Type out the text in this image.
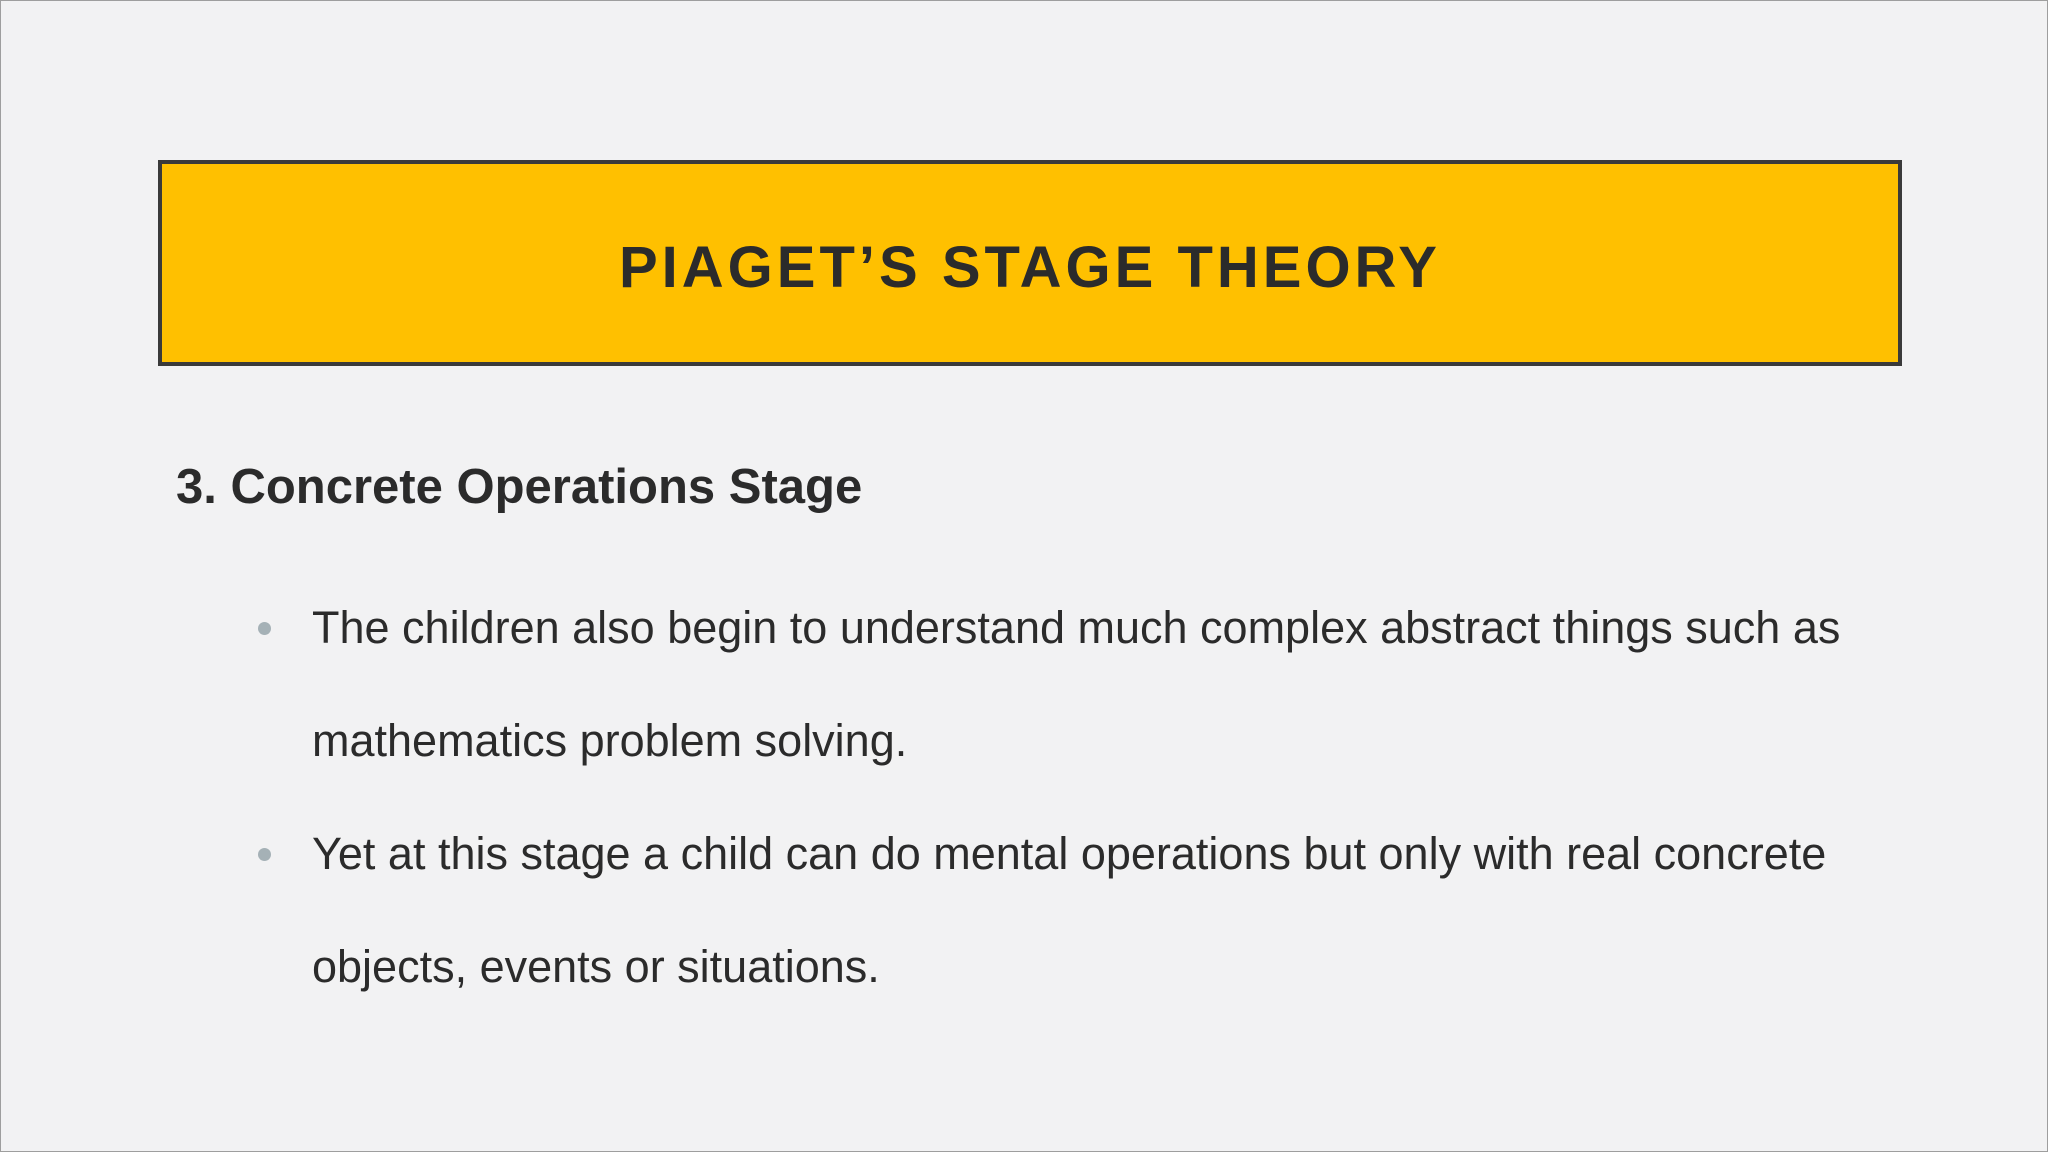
PIAGET’S STAGE THEORY
3. Concrete Operations Stage
The children also begin to understand much complex abstract things such as mathematics problem solving.
Yet at this stage a child can do mental operations but only with real concrete objects, events or situations.
